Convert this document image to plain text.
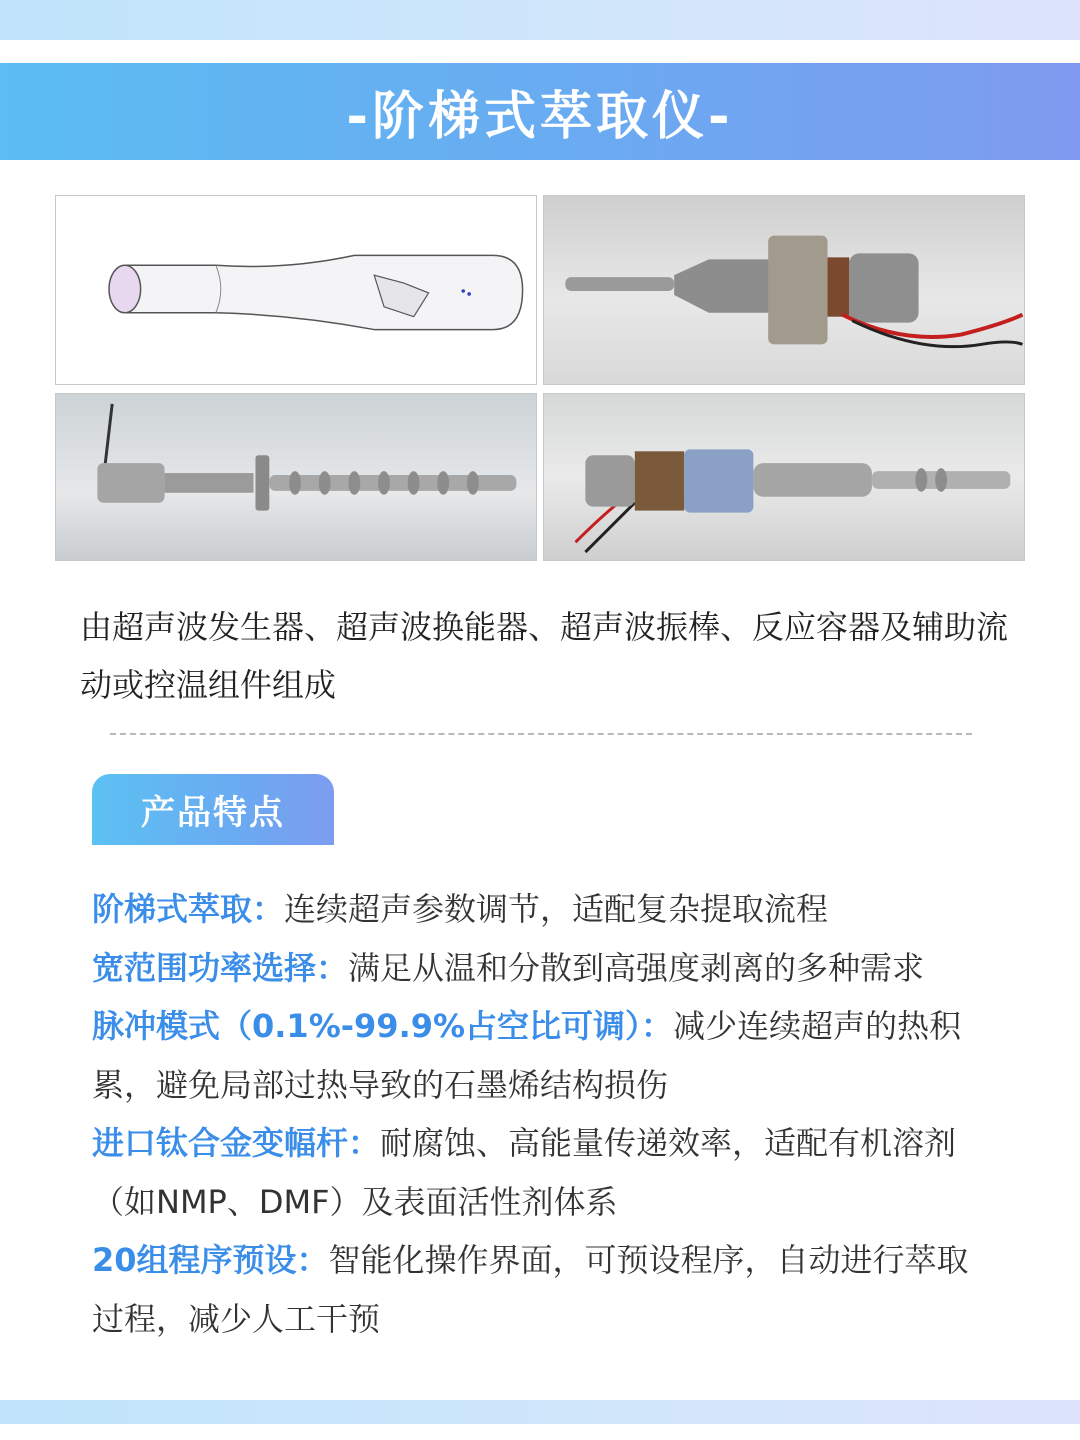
-阶梯式萃取仪-
由超声波发生器、超声波换能器、超声波振棒、反应容器及辅助流动或控温组件组成
产品特点

阶梯式萃取：连续超声参数调节，适配复杂提取流程

宽范围功率选择：满足从温和分散到高强度剥离的多种需求

脉冲模式（0.1%-99.9%占空比可调）：减少连续超声的热积累，避免局部过热导致的石墨烯结构损伤

进口钛合金变幅杆：耐腐蚀、高能量传递效率，适配有机溶剂（如NMP、DMF）及表面活性剂体系

20组程序预设：智能化操作界面，可预设程序，自动进行萃取过程，减少人工干预
